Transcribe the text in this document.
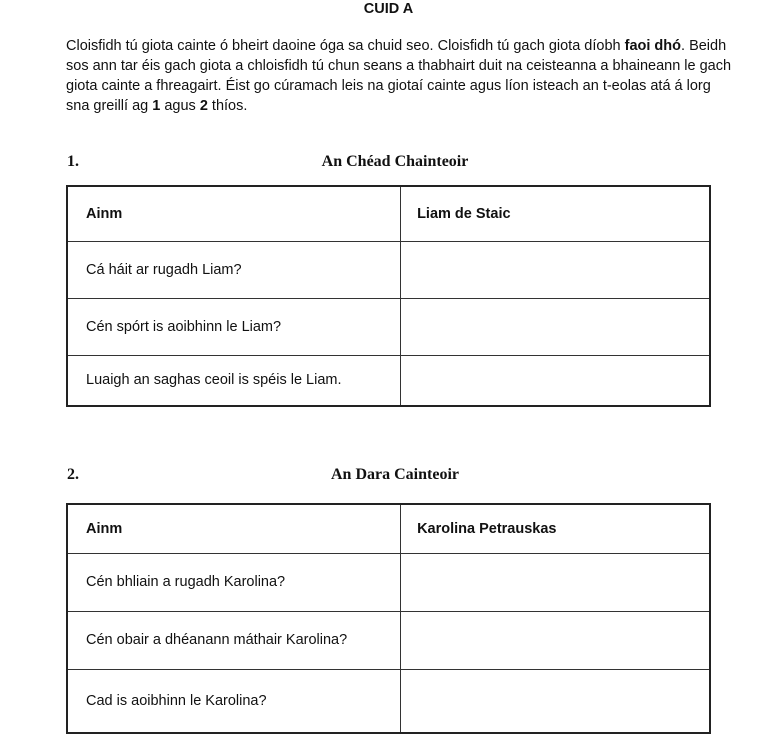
CUID A
Cloisfidh tú giota cainte ó bheirt daoine óga sa chuid seo. Cloisfidh tú gach giota díobh faoi dhó. Beidh sos ann tar éis gach giota a chloisfidh tú chun seans a thabhairt duit na ceisteanna a bhaineann le gach giota cainte a fhreagairt. Éist go cúramach leis na giotaí cainte agus líon isteach an t-eolas atá á lorg sna greillí ag 1 agus 2 thíos.
1.	An Chéad Chainteoir
Ainm	Liam de Staic
Cá háit ar rugadh Liam?	
Cén spórt is aoibhinn le Liam?	
Luaigh an saghas ceoil is spéis le Liam.	
2.	An Dara Cainteoir
Ainm	Karolina Petrauskas
Cén bhliain a rugadh Karolina?	
Cén obair a dhéanann máthair Karolina?	
Cad is aoibhinn le Karolina?	
